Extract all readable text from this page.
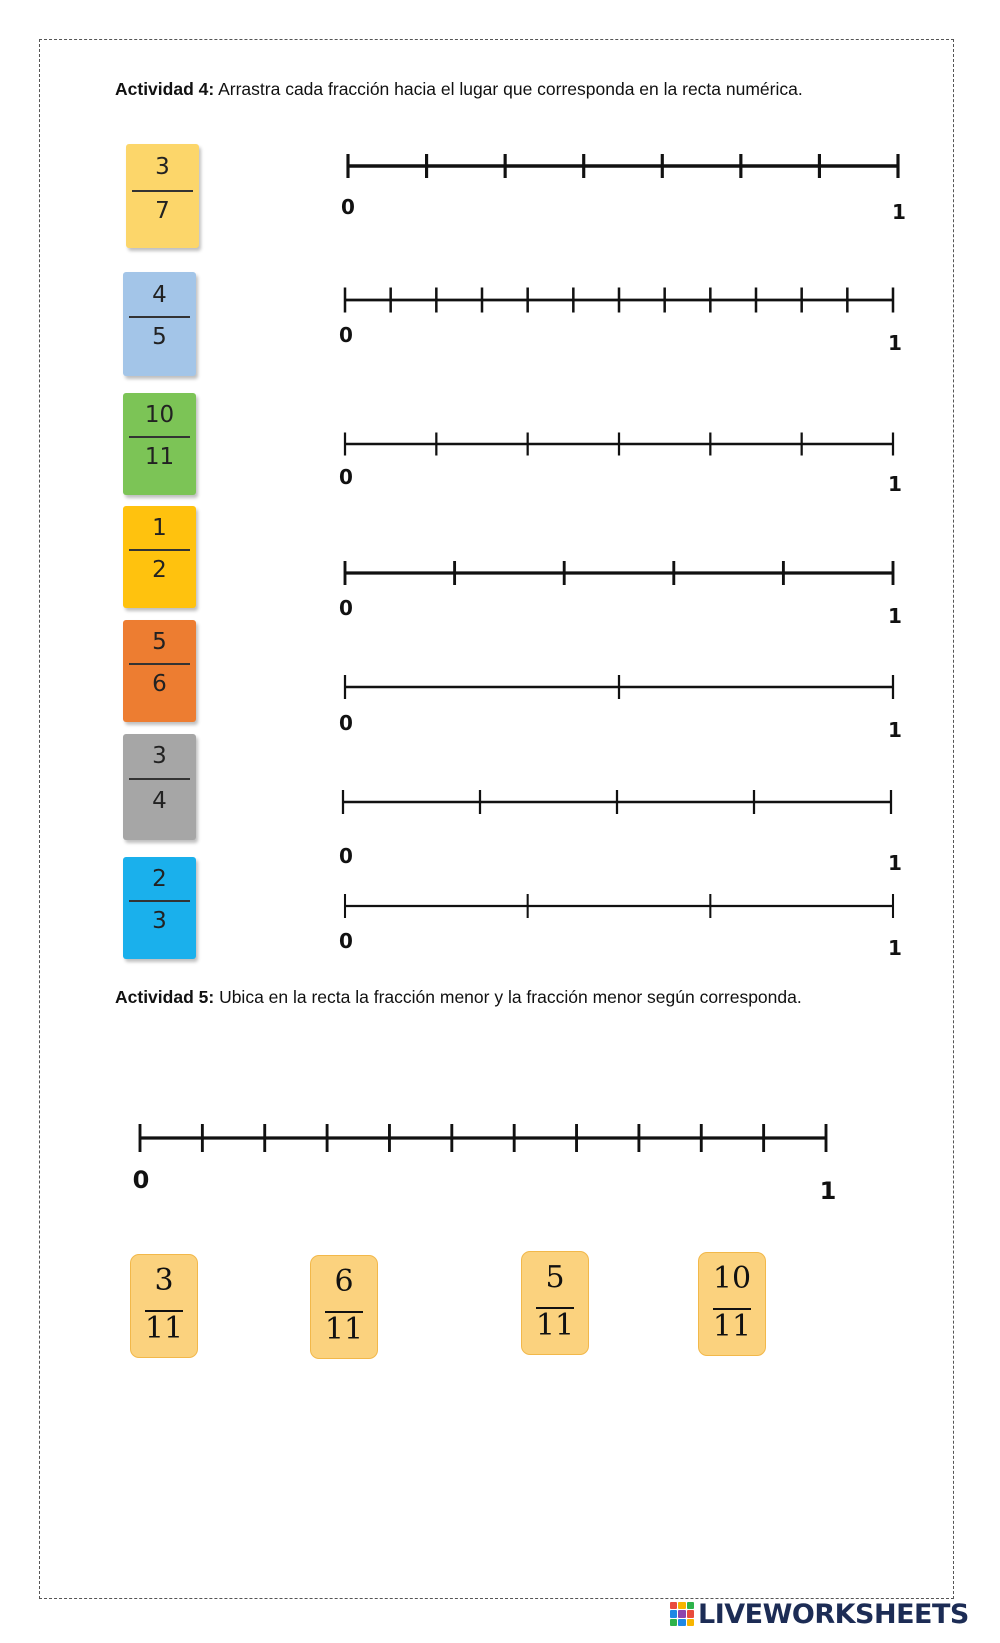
Actividad 4: Arrastra cada fracción hacia el lugar que corresponda en la recta numérica.
3
7
4
5
10
11
1
2
5
6
3
4
2
3
0	1
0	1
0	1
0	1
0	1
0	1
0	1
Actividad 5: Ubica en la recta la fracción menor y la fracción menor según corresponda.
0	1
3
11
6
11
5
11
10
11
LIVEWORKSHEETS
